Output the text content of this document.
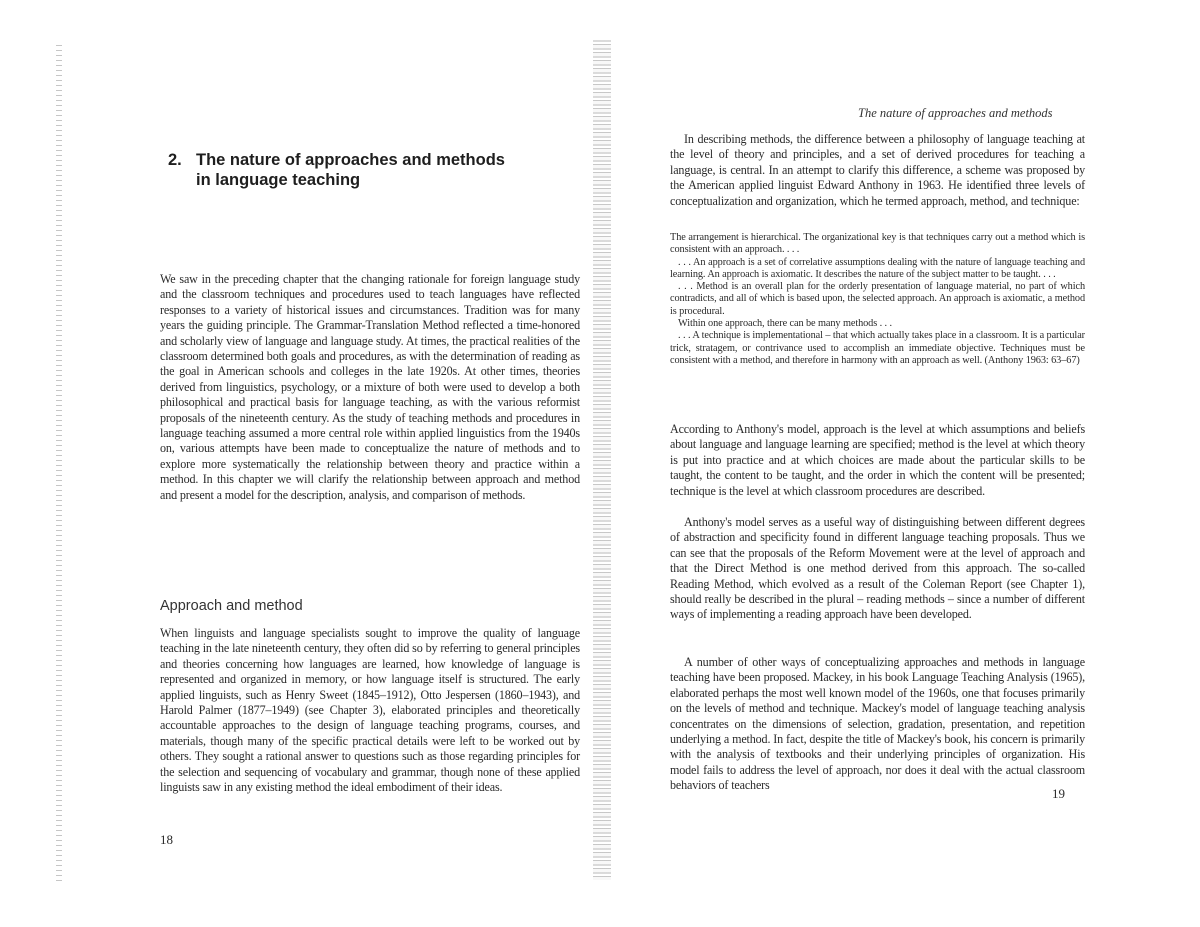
2. The nature of approaches and methods
in language teaching

We saw in the preceding chapter that the changing rationale for foreign language study and the classroom techniques and procedures used to teach languages have reflected responses to a variety of historical issues and circumstances. Tradition was for many years the guiding principle. The Grammar-Translation Method reflected a time-honored and scholarly view of language and language study. At times, the practical realities of the classroom determined both goals and procedures, as with the determination of reading as the goal in American schools and colleges in the late 1920s. At other times, theories derived from linguistics, psychology, or a mixture of both were used to develop a both philosophical and practical basis for language teaching, as with the various reformist proposals of the nineteenth century. As the study of teaching methods and procedures in language teaching assumed a more central role within applied linguistics from the 1940s on, various attempts have been made to conceptualize the nature of methods and to explore more systematically the relationship between theory and practice within a method. In this chapter we will clarify the relationship between approach and method and present a model for the description, analysis, and comparison of methods.

Approach and method

When linguists and language specialists sought to improve the quality of language teaching in the late nineteenth century, they often did so by referring to general principles and theories concerning how languages are learned, how knowledge of language is represented and organized in memory, or how language itself is structured. The early applied linguists, such as Henry Sweet (1845–1912), Otto Jespersen (1860–1943), and Harold Palmer (1877–1949) (see Chapter 3), elaborated principles and theoretically accountable approaches to the design of language teaching programs, courses, and materials, though many of the specific practical details were left to be worked out by others. They sought a rational answer to questions such as those regarding principles for the selection and sequencing of vocabulary and grammar, though none of these applied linguists saw in any existing method the ideal embodiment of their ideas.

18

The nature of approaches and methods

In describing methods, the difference between a philosophy of language teaching at the level of theory and principles, and a set of derived procedures for teaching a language, is central. In an attempt to clarify this difference, a scheme was proposed by the American applied linguist Edward Anthony in 1963. He identified three levels of conceptualization and organization, which he termed approach, method, and technique:

The arrangement is hierarchical. The organizational key is that techniques carry out a method which is consistent with an approach. . . .

. . . An approach is a set of correlative assumptions dealing with the nature of language teaching and learning. An approach is axiomatic. It describes the nature of the subject matter to be taught. . . .

. . . Method is an overall plan for the orderly presentation of language material, no part of which contradicts, and all of which is based upon, the selected approach. An approach is axiomatic, a method is procedural.

Within one approach, there can be many methods . . .

. . . A technique is implementational – that which actually takes place in a classroom. It is a particular trick, stratagem, or contrivance used to accomplish an immediate objective. Techniques must be consistent with a method, and therefore in harmony with an approach as well. (Anthony 1963: 63–67)

According to Anthony's model, approach is the level at which assumptions and beliefs about language and language learning are specified; method is the level at which theory is put into practice and at which choices are made about the particular skills to be taught, the content to be taught, and the order in which the content will be presented; technique is the level at which classroom procedures are described.

Anthony's model serves as a useful way of distinguishing between different degrees of abstraction and specificity found in different language teaching proposals. Thus we can see that the proposals of the Reform Movement were at the level of approach and that the Direct Method is one method derived from this approach. The so-called Reading Method, which evolved as a result of the Coleman Report (see Chapter 1), should really be described in the plural – reading methods – since a number of different ways of implementing a reading approach have been developed.

A number of other ways of conceptualizing approaches and methods in language teaching have been proposed. Mackey, in his book Language Teaching Analysis (1965), elaborated perhaps the most well known model of the 1960s, one that focuses primarily on the levels of method and technique. Mackey's model of language teaching analysis concentrates on the dimensions of selection, gradation, presentation, and repetition underlying a method. In fact, despite the title of Mackey's book, his concern is primarily with the analysis of textbooks and their underlying principles of organization. His model fails to address the level of approach, nor does it deal with the actual classroom behaviors of teachers

19
